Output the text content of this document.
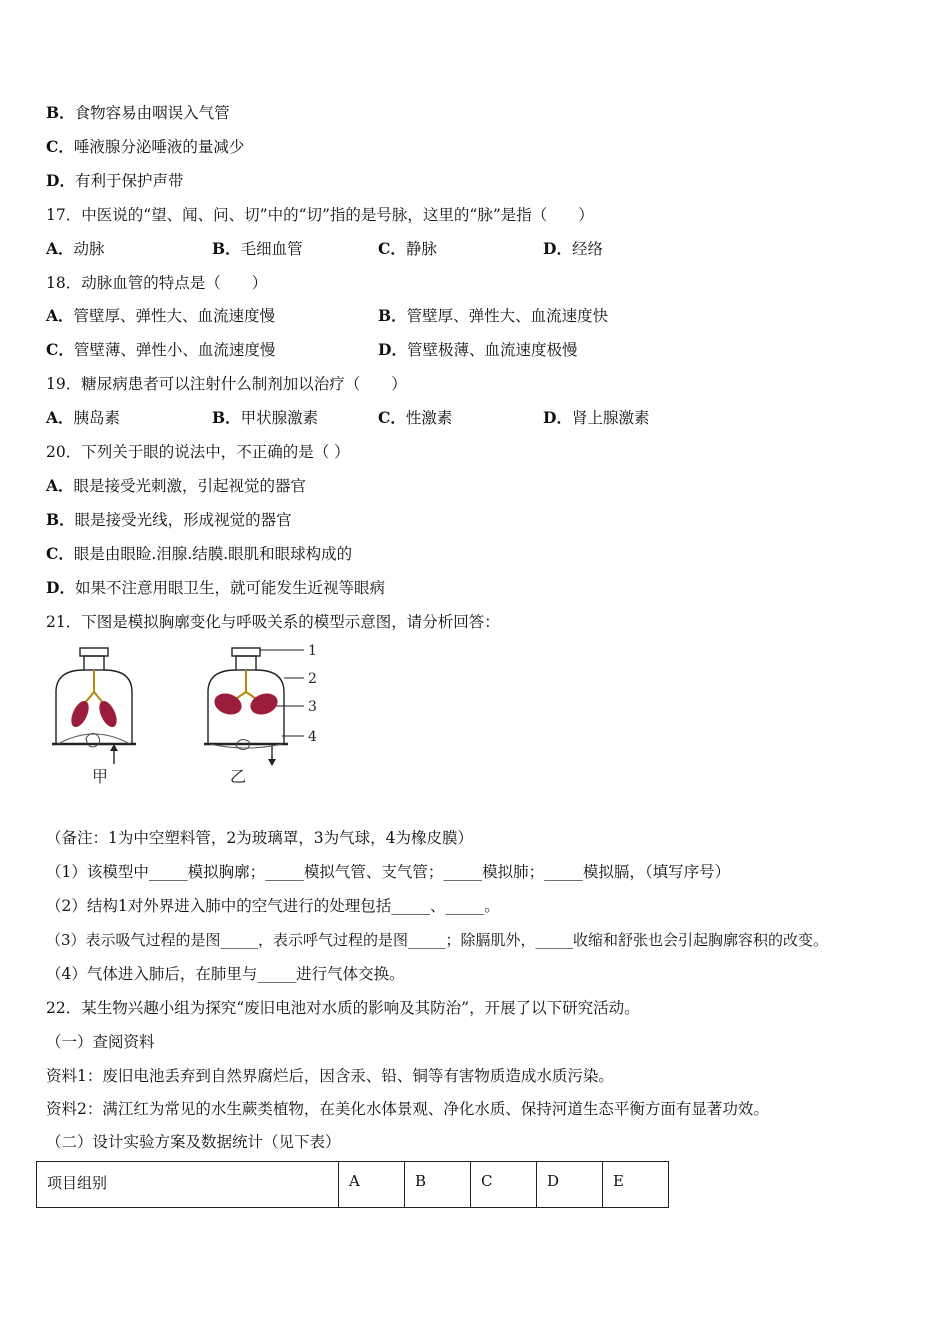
B．食物容易由咽误入气管
C．唾液腺分泌唾液的量减少
D．有利于保护声带
17．中医说的“望、闻、问、切”中的“切”指的是号脉，这里的“脉”是指（　　）
A．动脉	B．毛细血管	C．静脉	D．经络
18．动脉血管的特点是（　　）
A．管壁厚、弹性大、血流速度慢	B．管壁厚、弹性大、血流速度快
C．管壁薄、弹性小、血流速度慢	D．管壁极薄、血流速度极慢
19．糖尿病患者可以注射什么制剂加以治疗（　　）
A．胰岛素	B．甲状腺激素	C．性激素	D．肾上腺激素
20．下列关于眼的说法中，不正确的是（ ）
A．眼是接受光刺激，引起视觉的器官
B．眼是接受光线，形成视觉的器官
C．眼是由眼睑.泪腺.结膜.眼肌和眼球构成的
D．如果不注意用眼卫生，就可能发生近视等眼病
21．下图是模拟胸廓变化与呼吸关系的模型示意图，请分析回答：
甲
1
2
3
4
乙
（备注：1为中空塑料管，2为玻璃罩，3为气球，4为橡皮膜）
（1）该模型中_____模拟胸廓；_____模拟气管、支气管；_____模拟肺；_____模拟膈，（填写序号）
（2）结构1对外界进入肺中的空气进行的处理包括_____、_____。
（3）表示吸气过程的是图_____，表示呼气过程的是图_____；除膈肌外，_____收缩和舒张也会引起胸廓容积的改变。
（4）气体进入肺后，在肺里与_____进行气体交换。
22．某生物兴趣小组为探究“废旧电池对水质的影响及其防治”，开展了以下研究活动。
（一）查阅资料
资料1：废旧电池丢弃到自然界腐烂后，因含汞、铅、铜等有害物质造成水质污染。
资料2：满江红为常见的水生蕨类植物，在美化水体景观、净化水质、保持河道生态平衡方面有显著功效。
（二）设计实验方案及数据统计（见下表）
项目组别	A	B	C	D	E
